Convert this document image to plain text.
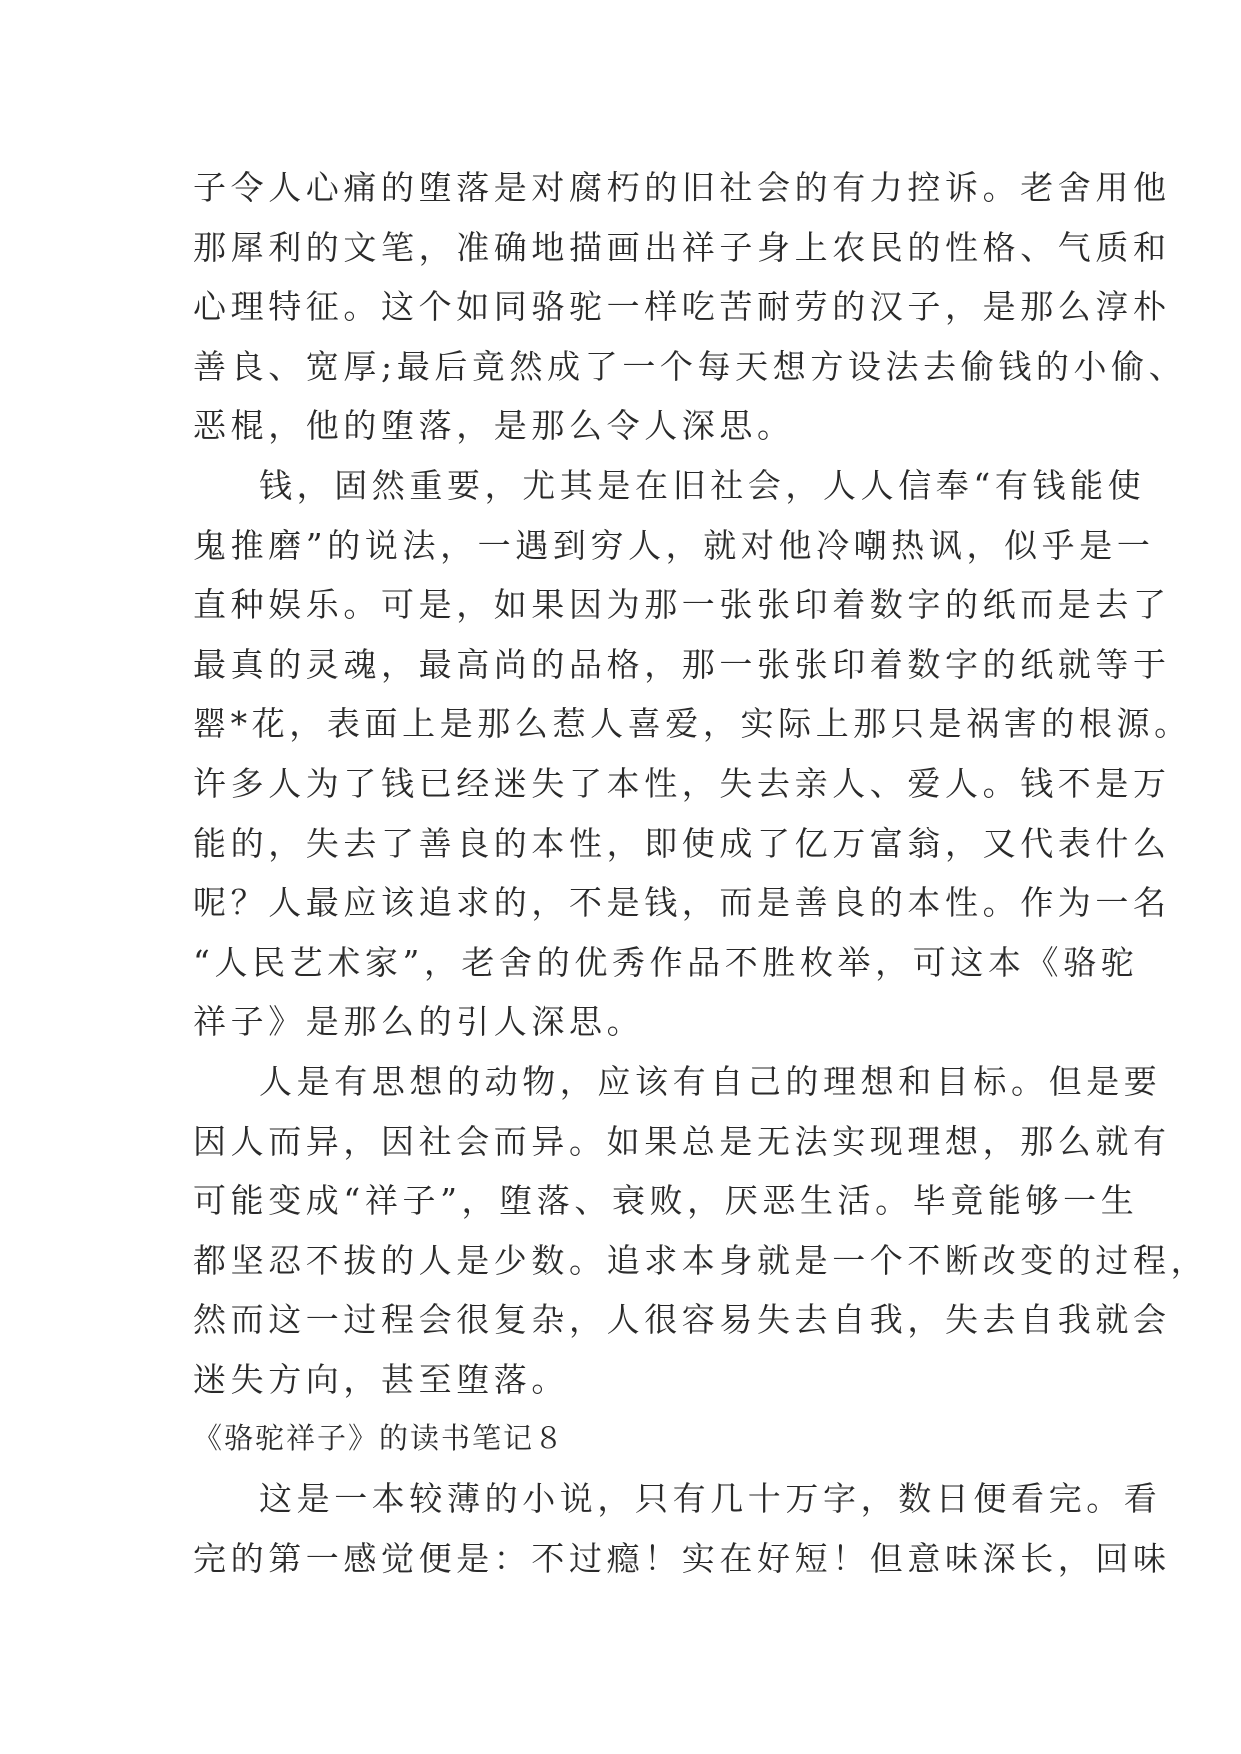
子令人心痛的堕落是对腐朽的旧社会的有力控诉。老舍用他
那犀利的文笔，准确地描画出祥子身上农民的性格、气质和
心理特征。这个如同骆驼一样吃苦耐劳的汉子，是那么淳朴
善良、宽厚;最后竟然成了一个每天想方设法去偷钱的小偷、
恶棍，他的堕落，是那么令人深思。
钱，固然重要，尤其是在旧社会，人人信奉“有钱能使
鬼推磨”的说法，一遇到穷人，就对他冷嘲热讽，似乎是一
直种娱乐。可是，如果因为那一张张印着数字的纸而是去了
最真的灵魂，最高尚的品格，那一张张印着数字的纸就等于
罂*花，表面上是那么惹人喜爱，实际上那只是祸害的根源。
许多人为了钱已经迷失了本性，失去亲人、爱人。钱不是万
能的，失去了善良的本性，即使成了亿万富翁，又代表什么
呢？人最应该追求的，不是钱，而是善良的本性。作为一名
“人民艺术家”，老舍的优秀作品不胜枚举，可这本《骆驼
祥子》是那么的引人深思。
人是有思想的动物，应该有自己的理想和目标。但是要
因人而异，因社会而异。如果总是无法实现理想，那么就有
可能变成“祥子”，堕落、衰败，厌恶生活。毕竟能够一生
都坚忍不拔的人是少数。追求本身就是一个不断改变的过程，
然而这一过程会很复杂，人很容易失去自我，失去自我就会
迷失方向，甚至堕落。
《骆驼祥子》的读书笔记８
这是一本较薄的小说，只有几十万字，数日便看完。看
完的第一感觉便是：不过瘾！实在好短！但意味深长，回味
